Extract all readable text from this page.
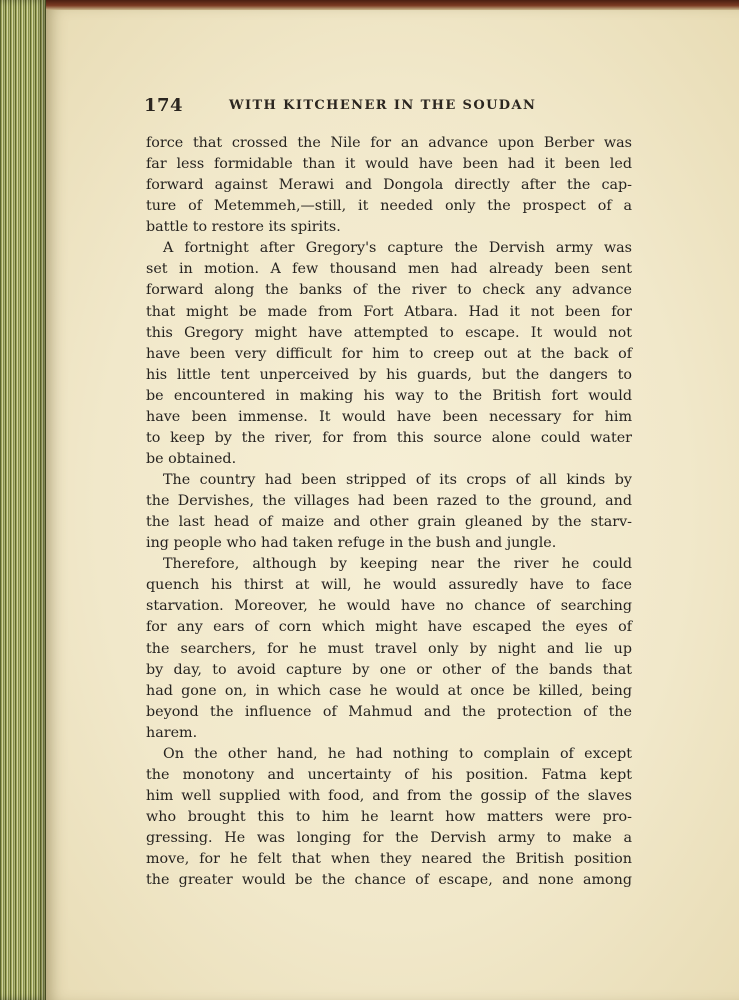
174	WITH KITCHENER IN THE SOUDAN
force that crossed the Nile for an advance upon Berber was
far less formidable than it would have been had it been led
forward against Merawi and Dongola directly after the cap-
ture of Metemmeh,—still, it needed only the prospect of a
battle to restore its spirits.
A fortnight after Gregory's capture the Dervish army was
set in motion. A few thousand men had already been sent
forward along the banks of the river to check any advance
that might be made from Fort Atbara. Had it not been for
this Gregory might have attempted to escape. It would not
have been very difficult for him to creep out at the back of
his little tent unperceived by his guards, but the dangers to
be encountered in making his way to the British fort would
have been immense. It would have been necessary for him
to keep by the river, for from this source alone could water
be obtained.
The country had been stripped of its crops of all kinds by
the Dervishes, the villages had been razed to the ground, and
the last head of maize and other grain gleaned by the starv-
ing people who had taken refuge in the bush and jungle.
Therefore, although by keeping near the river he could
quench his thirst at will, he would assuredly have to face
starvation. Moreover, he would have no chance of searching
for any ears of corn which might have escaped the eyes of
the searchers, for he must travel only by night and lie up
by day, to avoid capture by one or other of the bands that
had gone on, in which case he would at once be killed, being
beyond the influence of Mahmud and the protection of the
harem.
On the other hand, he had nothing to complain of except
the monotony and uncertainty of his position. Fatma kept
him well supplied with food, and from the gossip of the slaves
who brought this to him he learnt how matters were pro-
gressing. He was longing for the Dervish army to make a
move, for he felt that when they neared the British position
the greater would be the chance of escape, and none among
